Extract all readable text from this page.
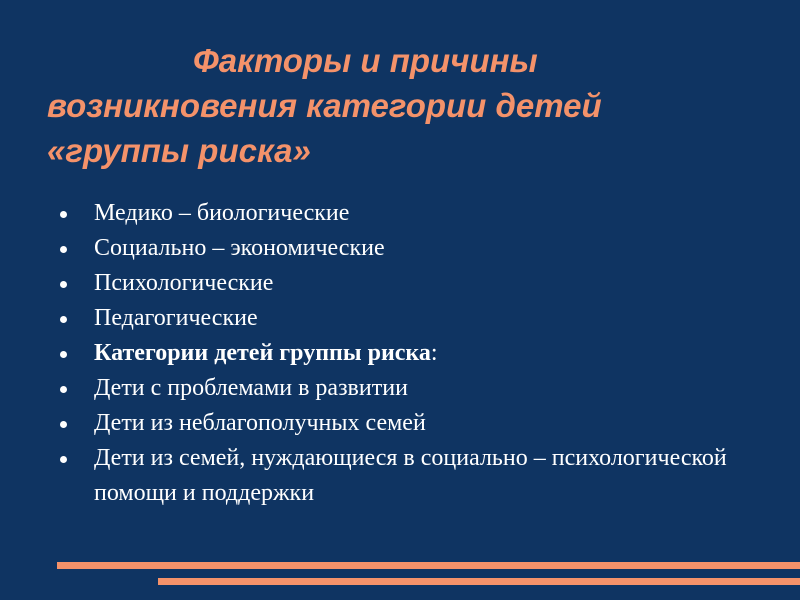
Факторы и причины
возникновения категории детей
«группы риска»
Медико – биологические
Социально – экономические
Психологические
Педагогические
Категории детей группы риска:
Дети с проблемами в развитии
Дети из неблагополучных семей
Дети из семей, нуждающиеся в социально – психологической помощи и поддержки
